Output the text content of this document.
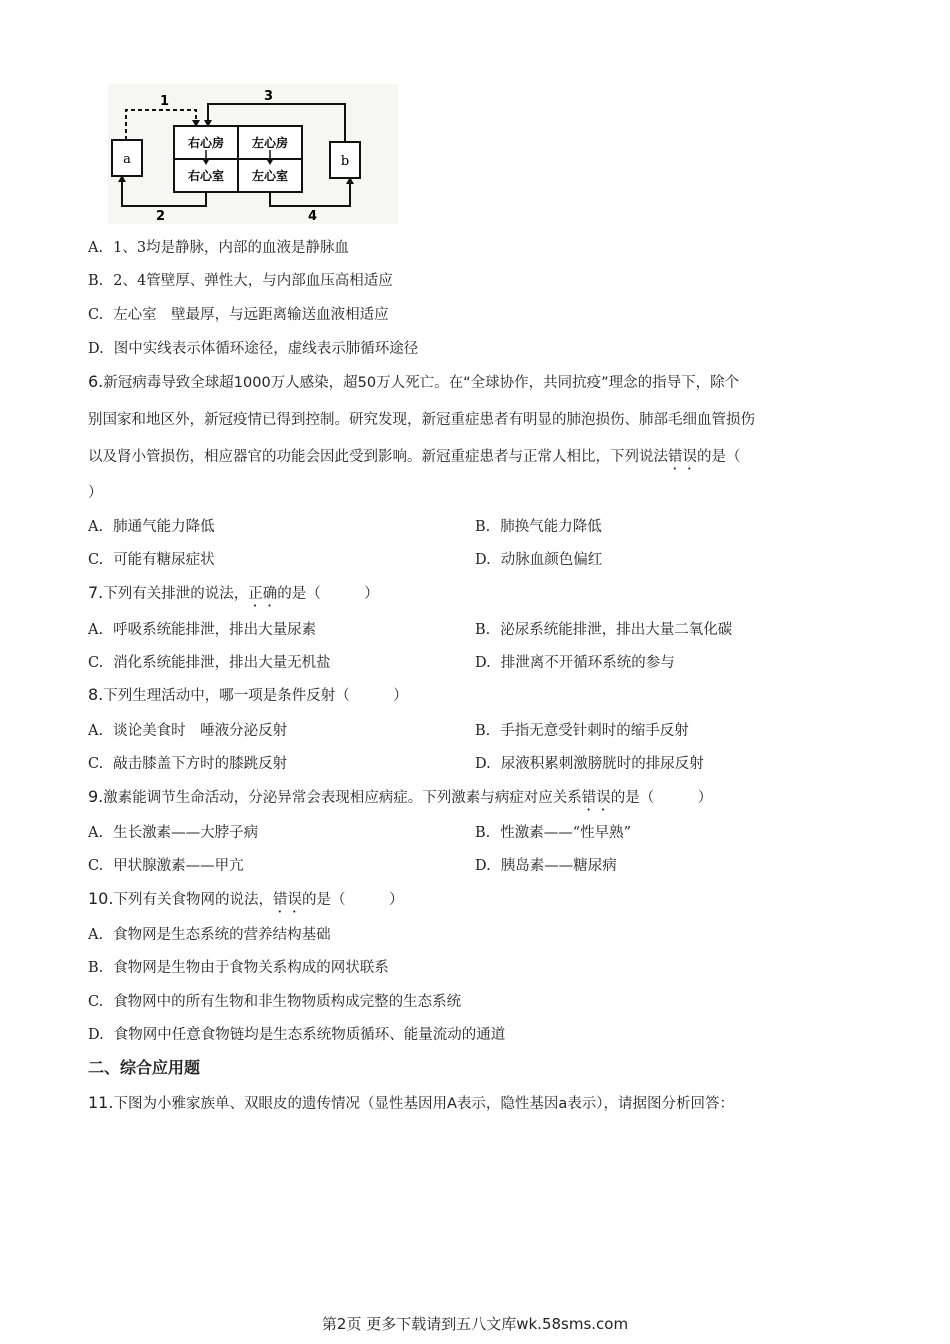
a	b
右心房 左心房
右心室 左心室
1	3
2	4
A. 1、3均是静脉，内部的血液是静脉血
B. 2、4管壁厚、弹性大，与内部血压高相适应
C. 左心室　壁最厚，与远距离输送血液相适应
D. 图中实线表示体循环途径，虚线表示肺循环途径
6.新冠病毒导致全球超1000万人感染，超50万人死亡。在“全球协作，共同抗疫”理念的指导下，除个
别国家和地区外，新冠疫情已得到控制。研究发现，新冠重症患者有明显的肺泡损伤、肺部毛细血管损伤
以及肾小管损伤，相应器官的功能会因此受到影响。新冠重症患者与正常人相比，下列说法错误的是（
）
A. 肺通气能力降低	B. 肺换气能力降低
C. 可能有糖尿症状	D. 动脉血颜色偏红
7.下列有关排泄的说法，正确的是（　　　）
A. 呼吸系统能排泄，排出大量尿素	B. 泌尿系统能排泄，排出大量二氧化碳
C. 消化系统能排泄，排出大量无机盐	D. 排泄离不开循环系统的参与
8.下列生理活动中，哪一项是条件反射（　　　）
A. 谈论美食时　唾液分泌反射	B. 手指无意受针刺时的缩手反射
C. 敲击膝盖下方时的膝跳反射	D. 尿液积累刺激膀胱时的排尿反射
9.激素能调节生命活动，分泌异常会表现相应病症。下列激素与病症对应关系错误的是（　　　）
A. 生长激素——大脖子病	B. 性激素——“性早熟”
C. 甲状腺激素——甲亢	D. 胰岛素——糖尿病
10.下列有关食物网的说法，错误的是（　　　）
A. 食物网是生态系统的营养结构基础
B. 食物网是生物由于食物关系构成的网状联系
C. 食物网中的所有生物和非生物物质构成完整的生态系统
D. 食物网中任意食物链均是生态系统物质循环、能量流动的通道
二、综合应用题
11.下图为小雅家族单、双眼皮的遗传情况（显性基因用A表示，隐性基因a表示），请据图分析回答：
第2页 更多下载请到五八文库wk.58sms.com
